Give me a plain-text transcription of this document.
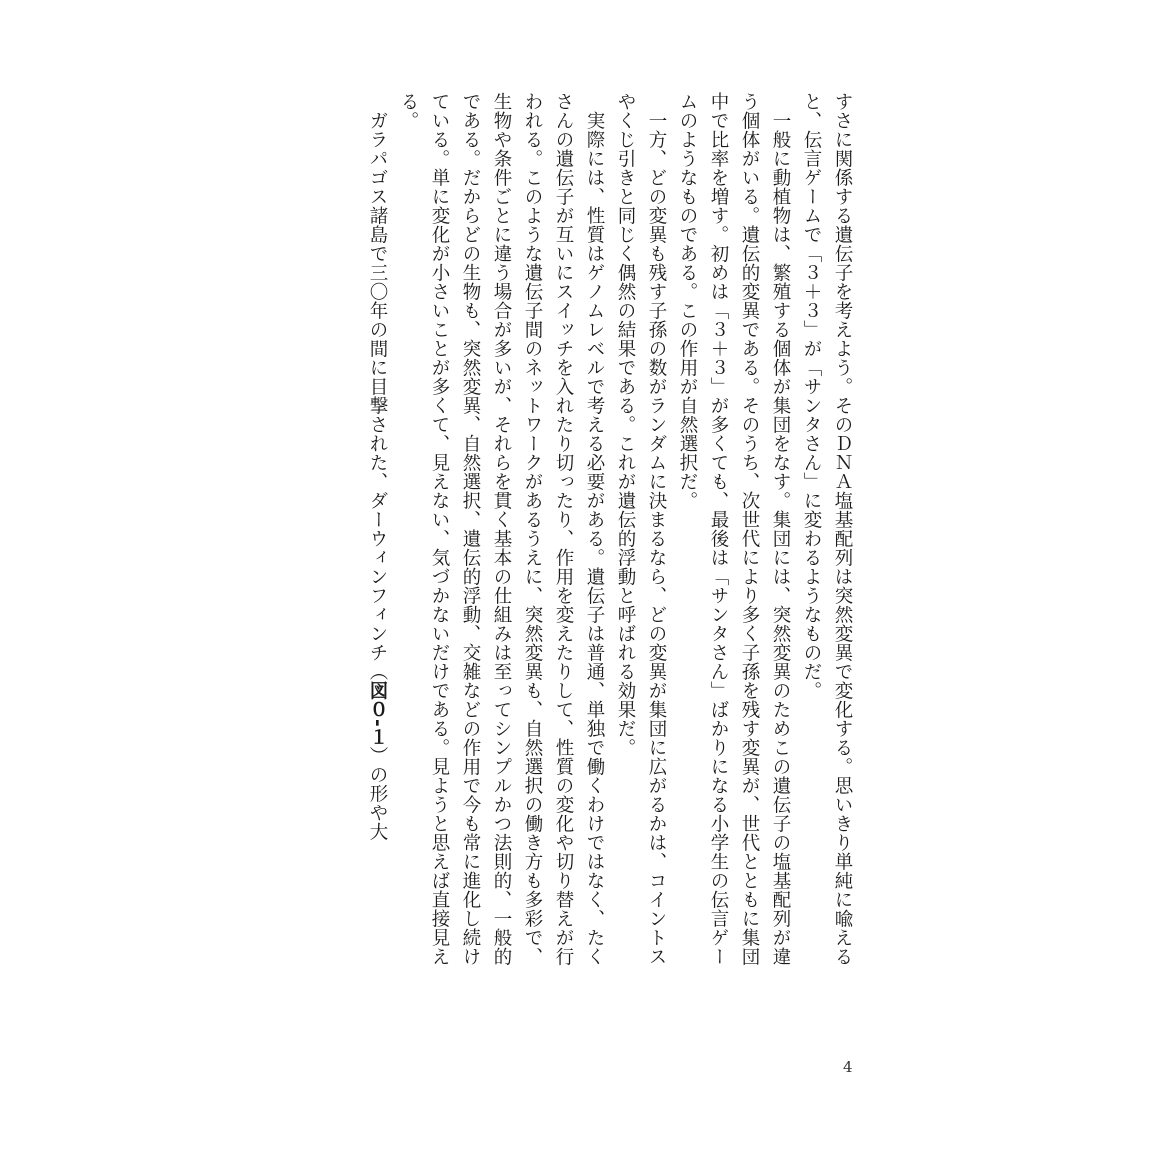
すさに関係する遺伝子を考えよう。そのＤＮＡ塩基配列は突然変異で変化する。思いきり単純に喩えると、伝言ゲームで「３＋３」が「サンタさん」に変わるようなものだ。

一般に動植物は、繁殖する個体が集団をなす。集団には、突然変異のためこの遺伝子の塩基配列が違う個体がいる。遺伝的変異である。そのうち、次世代により多く子孫を残す変異が、世代とともに集団中で比率を増す。初めは「３＋３」が多くても、最後は「サンタさん」ばかりになる小学生の伝言ゲームのようなものである。この作用が自然選択だ。

一方、どの変異も残す子孫の数がランダムに決まるなら、どの変異が集団に広がるかは、コイントスやくじ引きと同じく偶然の結果である。これが遺伝的浮動と呼ばれる効果だ。

実際には、性質はゲノムレベルで考える必要がある。遺伝子は普通、単独で働くわけではなく、たくさんの遺伝子が互いにスイッチを入れたり切ったり、作用を変えたりして、性質の変化や切り替えが行われる。このような遺伝子間のネットワークがあるうえに、突然変異も、自然選択の働き方も多彩で、生物や条件ごとに違う場合が多いが、それらを貫く基本の仕組みは至ってシンプルかつ法則的、一般的である。だからどの生物も、突然変異、自然選択、遺伝的浮動、交雑などの作用で今も常に進化し続けている。単に変化が小さいことが多くて、見えない、気づかないだけである。見ようと思えば直接見える。

ガラパゴス諸島で三〇年の間に目撃された、ダーウィンフィンチ（図０‐１）の形や大

4
